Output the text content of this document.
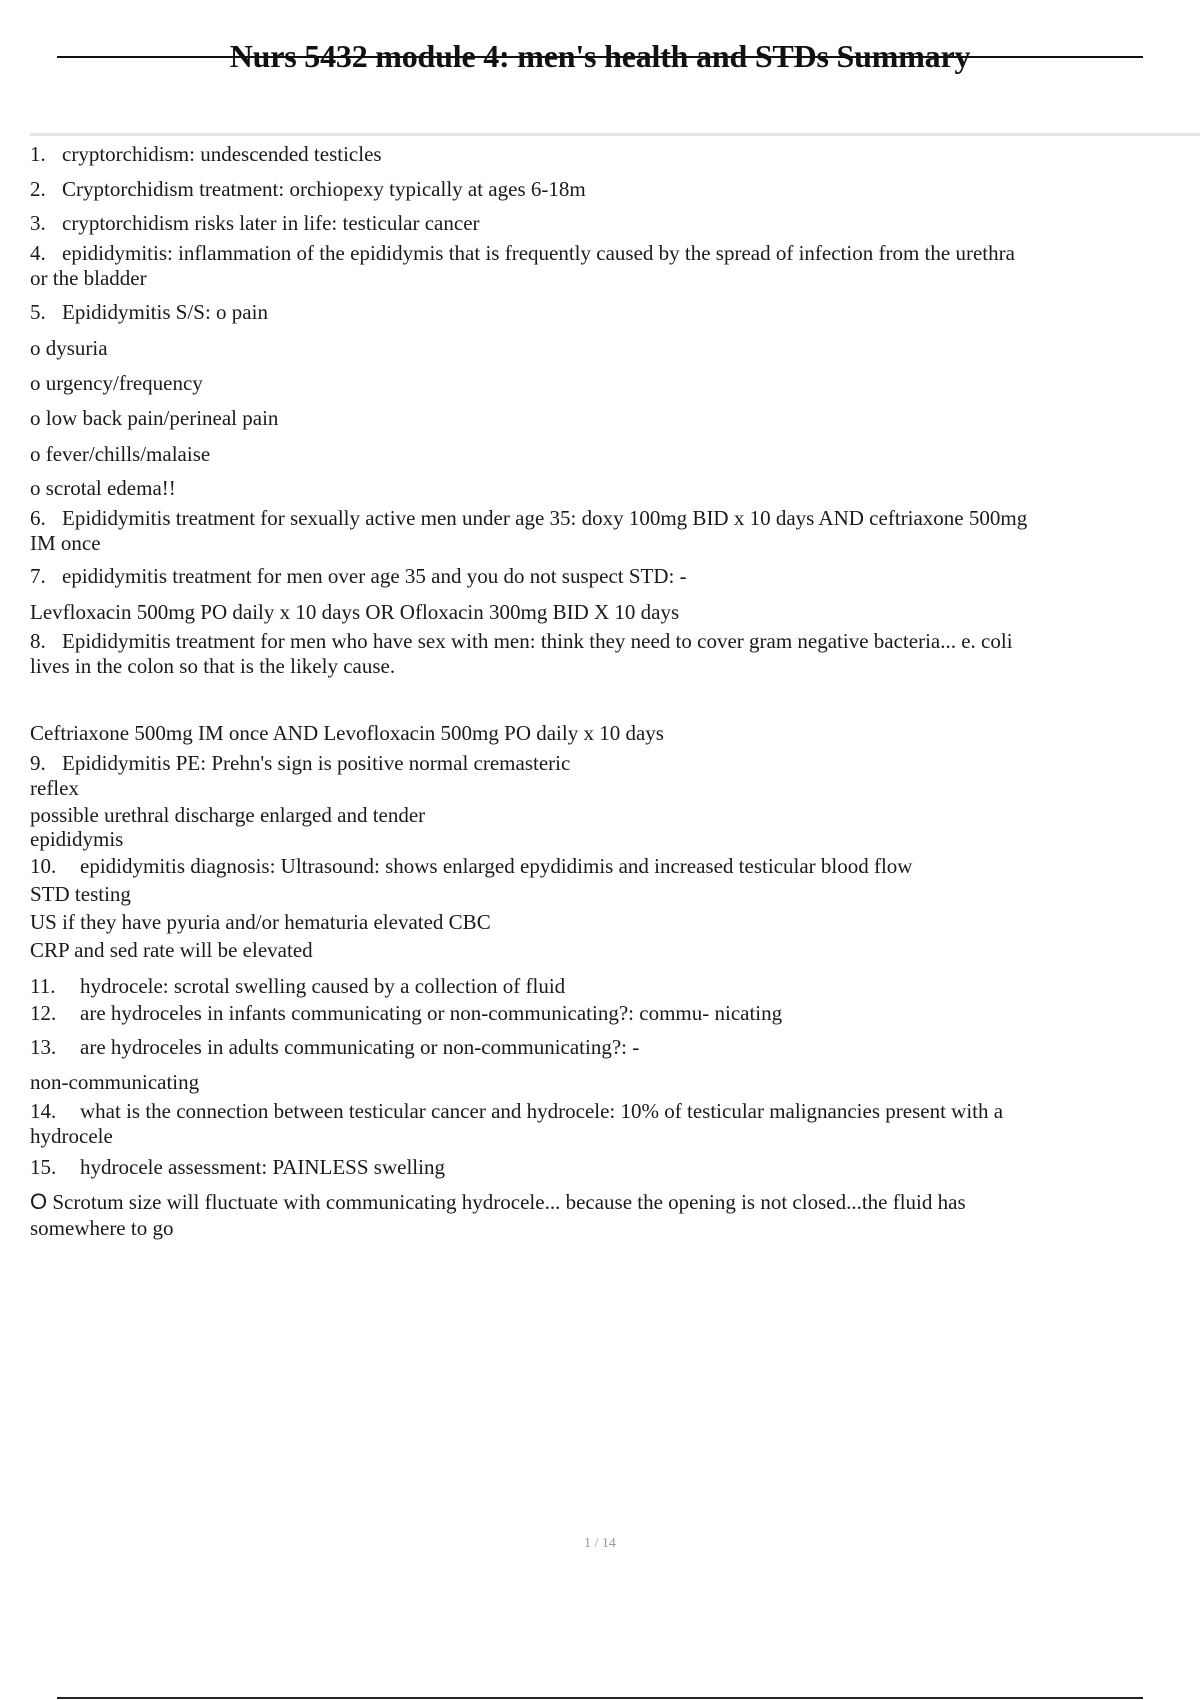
Nurs 5432 module 4: men's health and STDs Summary
1. cryptorchidism: undescended testicles
2. Cryptorchidism treatment: orchiopexy typically at ages 6-18m
3. cryptorchidism risks later in life: testicular cancer
4. epididymitis: inflammation of the epididymis that is frequently caused by the spread of infection from the urethra
or the bladder
5. Epididymitis S/S: o pain
o dysuria
o urgency/frequency
o low back pain/perineal pain
o fever/chills/malaise
o scrotal edema!!
6. Epididymitis treatment for sexually active men under age 35: doxy 100mg BID x 10 days AND ceftriaxone 500mg
IM once
7. epididymitis treatment for men over age 35 and you do not suspect STD: -
Levfloxacin 500mg PO daily x 10 days OR Ofloxacin 300mg BID X 10 days
8. Epididymitis treatment for men who have sex with men: think they need to cover gram negative bacteria... e. coli
lives in the colon so that is the likely cause.
Ceftriaxone 500mg IM once AND Levofloxacin 500mg PO daily x 10 days
9. Epididymitis PE: Prehn's sign is positive normal cremasteric
reflex
possible urethral discharge enlarged and tender
epididymis
10. epididymitis diagnosis: Ultrasound: shows enlarged epydidimis and increased testicular blood flow
STD testing
US if they have pyuria and/or hematuria elevated CBC
CRP and sed rate will be elevated
11. hydrocele: scrotal swelling caused by a collection of fluid
12. are hydroceles in infants communicating or non-communicating?: commu- nicating
13. are hydroceles in adults communicating or non-communicating?: -
non-communicating
14. what is the connection between testicular cancer and hydrocele: 10% of testicular malignancies present with a
hydrocele
15. hydrocele assessment: PAINLESS swelling
O Scrotum size will fluctuate with communicating hydrocele... because the opening is not closed...the fluid has
somewhere to go
1 / 14
